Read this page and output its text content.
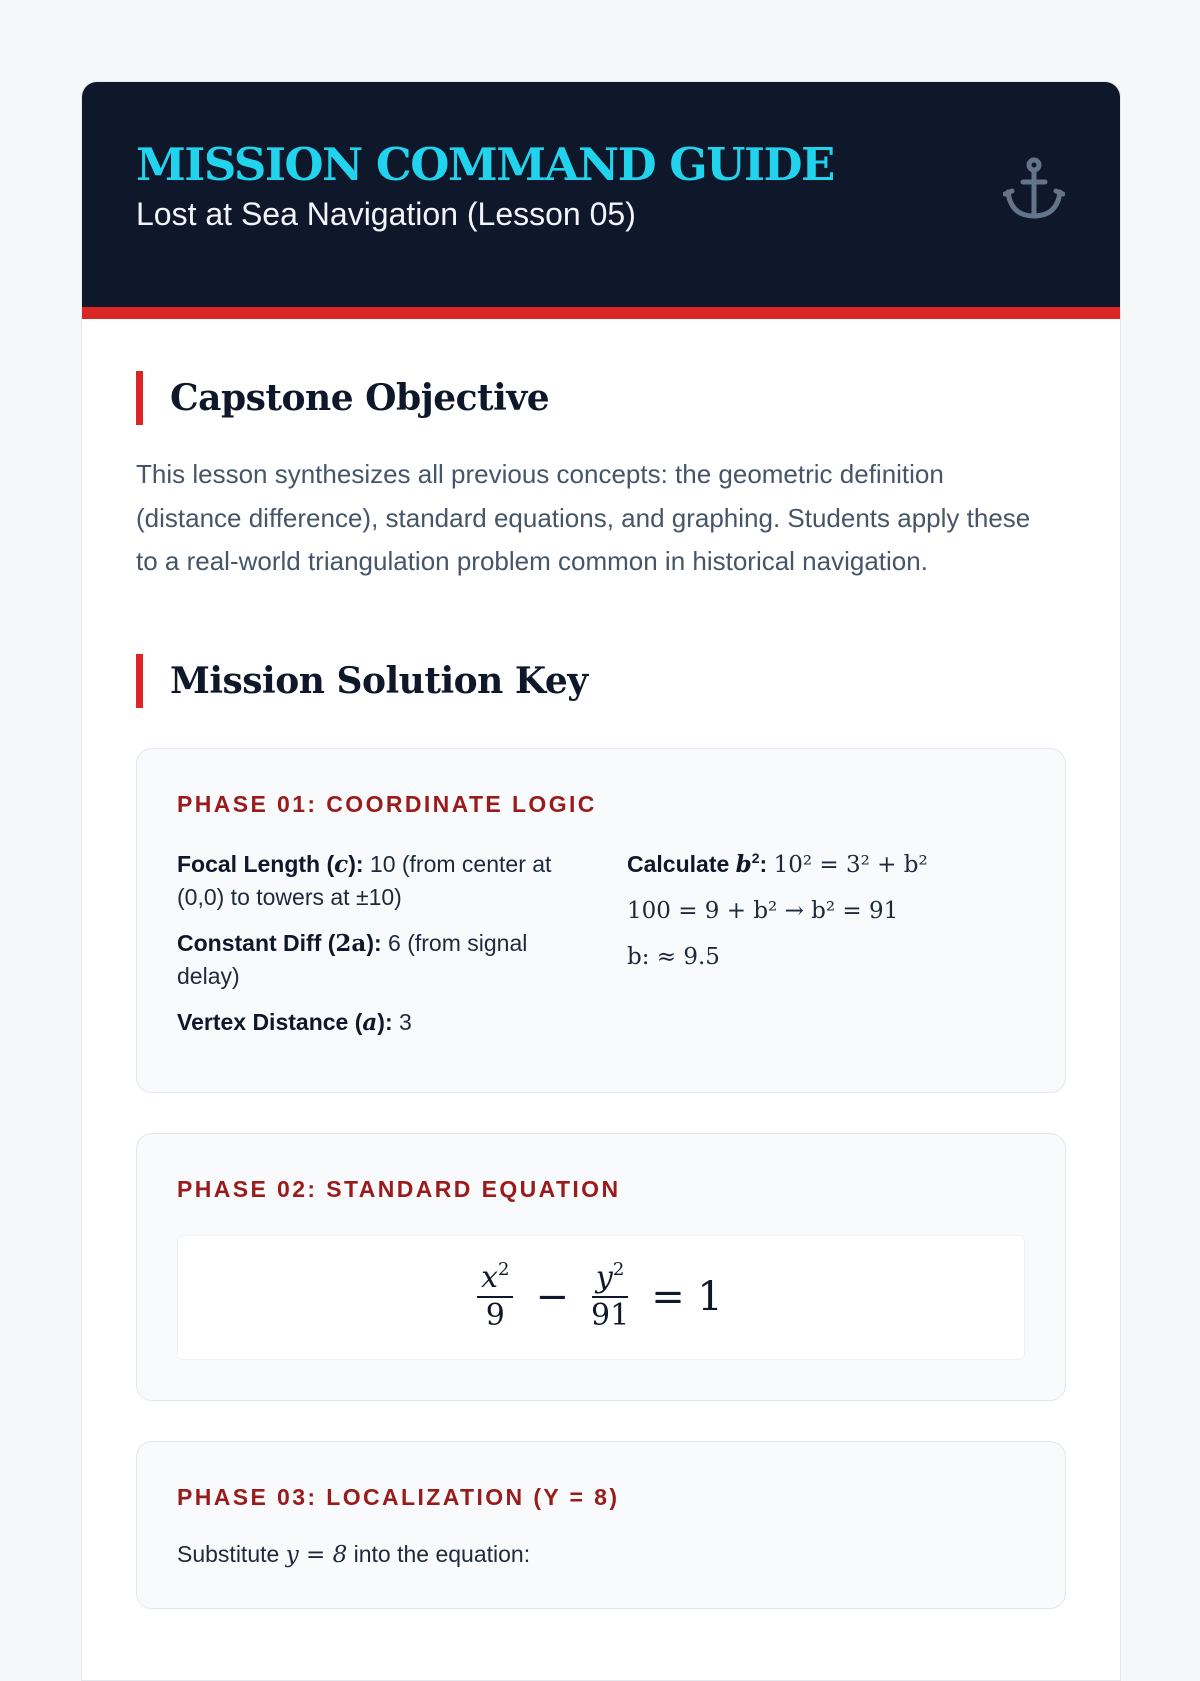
MISSION COMMAND GUIDE
Lost at Sea Navigation (Lesson 05)
Capstone Objective

This lesson synthesizes all previous concepts: the geometric definition (distance difference), standard equations, and graphing. Students apply these to a real-world triangulation problem common in historical navigation.

Mission Solution Key
PHASE 01: COORDINATE LOGIC
Focal Length (c): 10 (from center at (0,0) to towers at ±10)
Constant Diff (2a): 6 (from signal delay)
Vertex Distance (a): 3
Calculate $b^2$: 10² = 3² + b²
100 = 9 + b² → b² = 91
b: ≈ 9.5
PHASE 02: STANDARD EQUATION
$\frac{x^2}{9} - \frac{y^2}{91} = 1$
PHASE 03: LOCALIZATION (Y = 8)
Substitute y = 8 into the equation:
